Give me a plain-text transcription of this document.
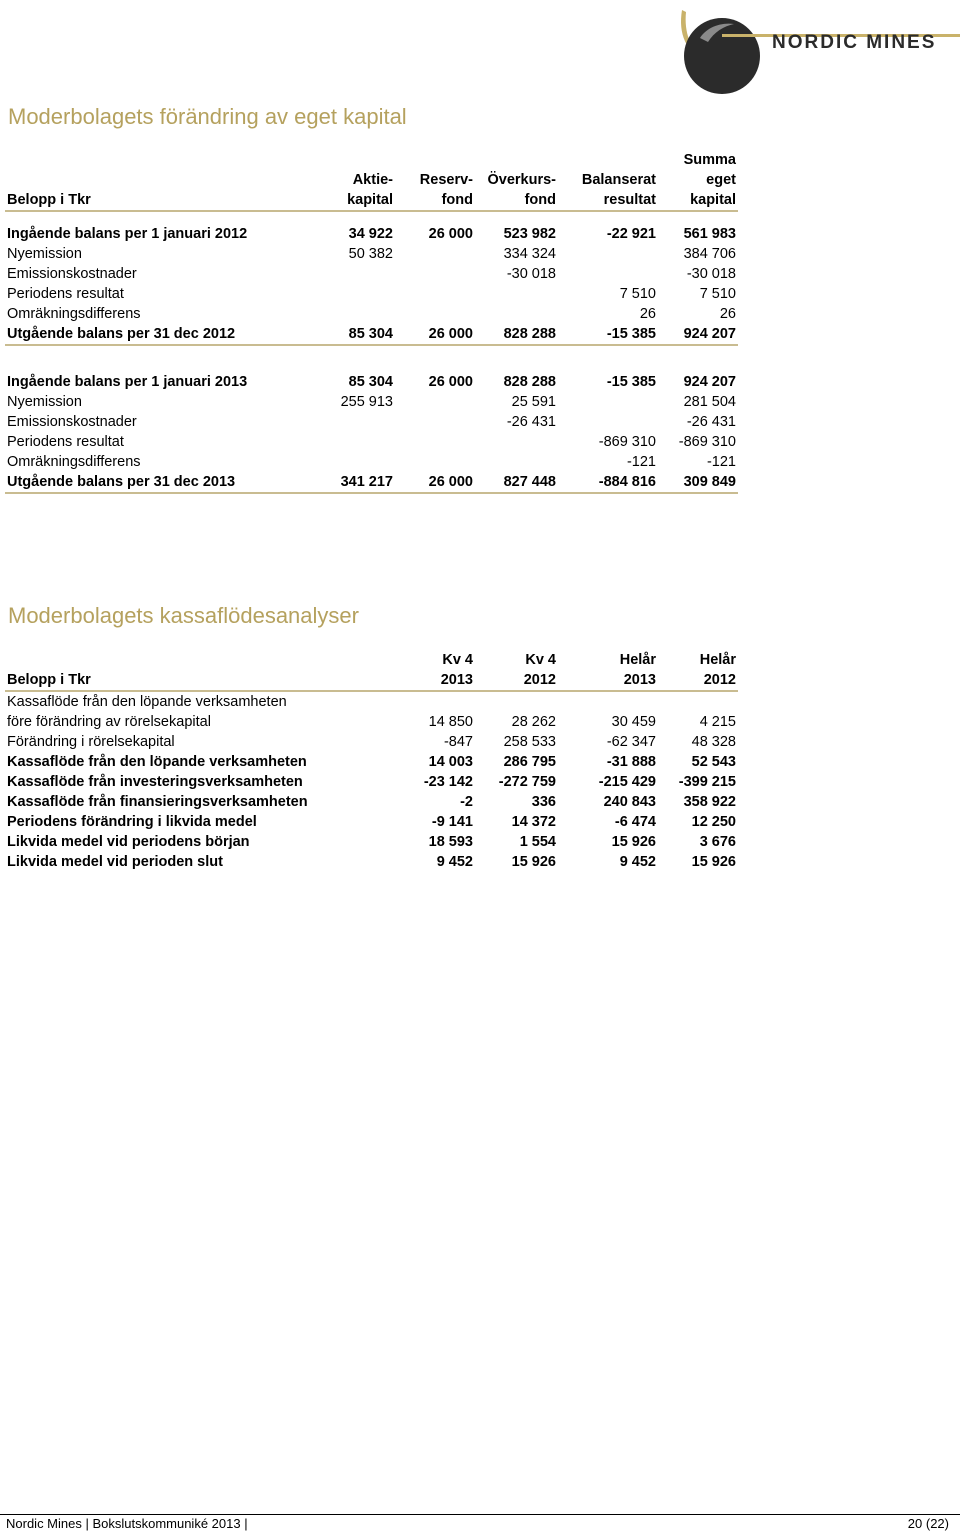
NORDIC MINES
Moderbolagets förändring av eget kapital
					Summa
	Aktie-	Reserv-	Överkurs-	Balanserat	eget
Belopp i Tkr	kapital	fond	fond	resultat	kapital

Ingående balans per 1 januari 2012	34 922	26 000	523 982	-22 921	561 983
Nyemission	50 382		334 324		384 706
Emissionskostnader			-30 018		-30 018
Periodens resultat				7 510	7 510
Omräkningsdifferens				26	26
Utgående balans per 31 dec 2012	85 304	26 000	828 288	-15 385	924 207

Ingående balans per 1 januari 2013	85 304	26 000	828 288	-15 385	924 207
Nyemission	255 913		25 591		281 504
Emissionskostnader			-26 431		-26 431
Periodens resultat				-869 310	-869 310
Omräkningsdifferens				-121	-121
Utgående balans per 31 dec 2013	341 217	26 000	827 448	-884 816	309 849
Moderbolagets kassaflödesanalyser
	Kv 4	Kv 4	Helår	Helår
Belopp i Tkr	2013	2012	2013	2012
Kassaflöde från den löpande verksamheten				
före förändring av rörelsekapital	14 850	28 262	30 459	4 215
Förändring i rörelsekapital	-847	258 533	-62 347	48 328
Kassaflöde från den löpande verksamheten	14 003	286 795	-31 888	52 543
Kassaflöde från investeringsverksamheten	-23 142	-272 759	-215 429	-399 215
Kassaflöde från finansieringsverksamheten	-2	336	240 843	358 922
Periodens förändring i likvida medel	-9 141	14 372	-6 474	12 250
Likvida medel vid periodens början	18 593	1 554	15 926	3 676
Likvida medel vid perioden slut	9 452	15 926	9 452	15 926
Nordic Mines | Bokslutskommuniké 2013 |	20 (22)
